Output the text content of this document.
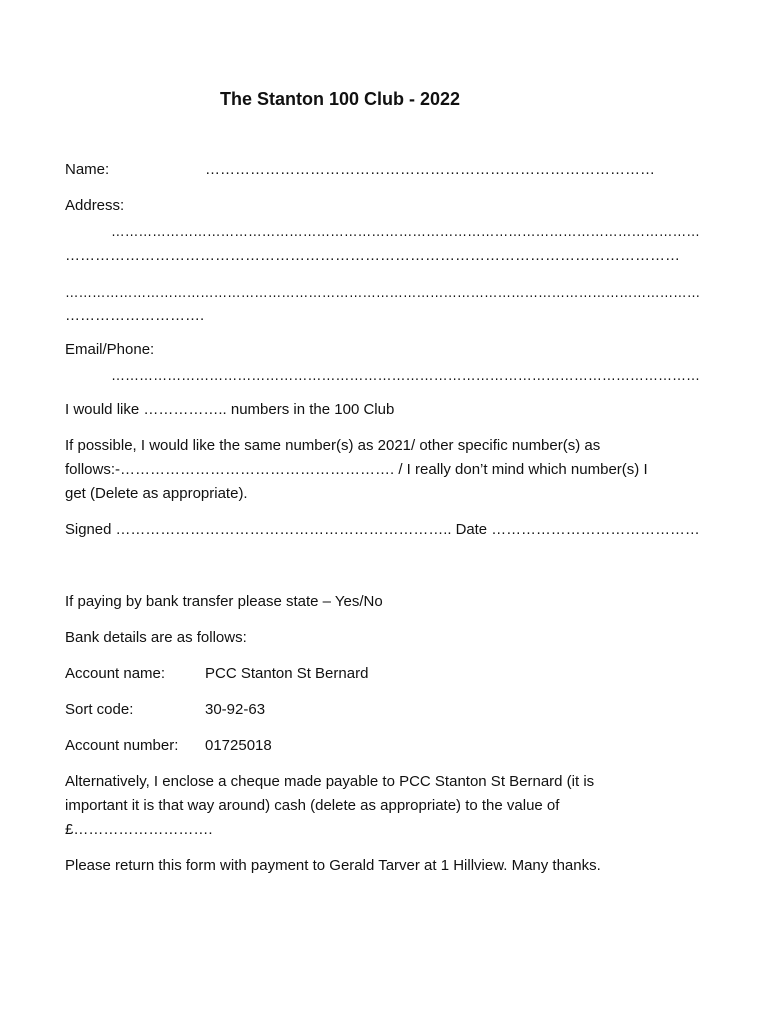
The Stanton 100 Club - 2022
Name:	………………………………………………………………………………
Address:
…………………………………………………………………………………………………………………
……………………………………………………………………………………………………………
……………………………………………………………………………………………………………………………
……………………….
Email/Phone:
………………………………………………………………………………………………………………
I would like …………….. numbers in the 100 Club
If possible, I would like the same number(s) as 2021/ other specific number(s) as
follows:-………………………………………………. / I really don’t mind which number(s) I
get (Delete as appropriate).
Signed ………………………………………………………….. Date ……………………………………
If paying by bank transfer please state – Yes/No
Bank details are as follows:
Account name:	PCC Stanton St Bernard
Sort code:	30-92-63
Account number: 01725018
Alternatively, I enclose a cheque made payable to PCC Stanton St Bernard (it is
important it is that way around) cash (delete as appropriate) to the value of
£……………………….
Please return this form with payment to Gerald Tarver at 1 Hillview. Many thanks.
